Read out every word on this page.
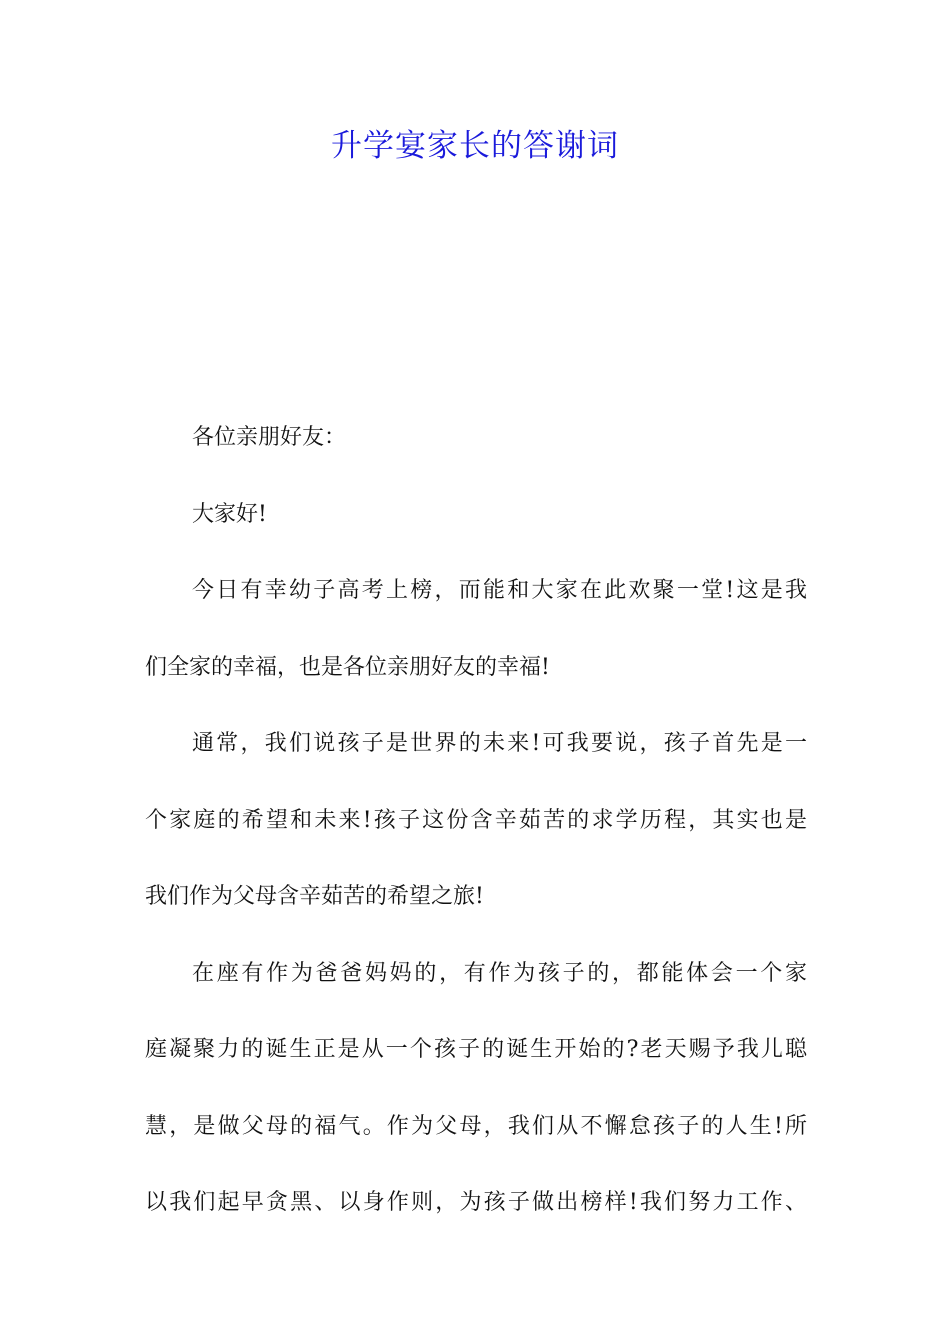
升学宴家长的答谢词
各位亲朋好友：
大家好!
今日有幸幼子高考上榜，而能和大家在此欢聚一堂!这是我
们全家的幸福，也是各位亲朋好友的幸福!
通常，我们说孩子是世界的未来!可我要说，孩子首先是一
个家庭的希望和未来!孩子这份含辛茹苦的求学历程，其实也是
我们作为父母含辛茹苦的希望之旅!
在座有作为爸爸妈妈的，有作为孩子的，都能体会一个家
庭凝聚力的诞生正是从一个孩子的诞生开始的?老天赐予我儿聪
慧，是做父母的福气。作为父母，我们从不懈怠孩子的人生!所
以我们起早贪黑、以身作则，为孩子做出榜样!我们努力工作、
